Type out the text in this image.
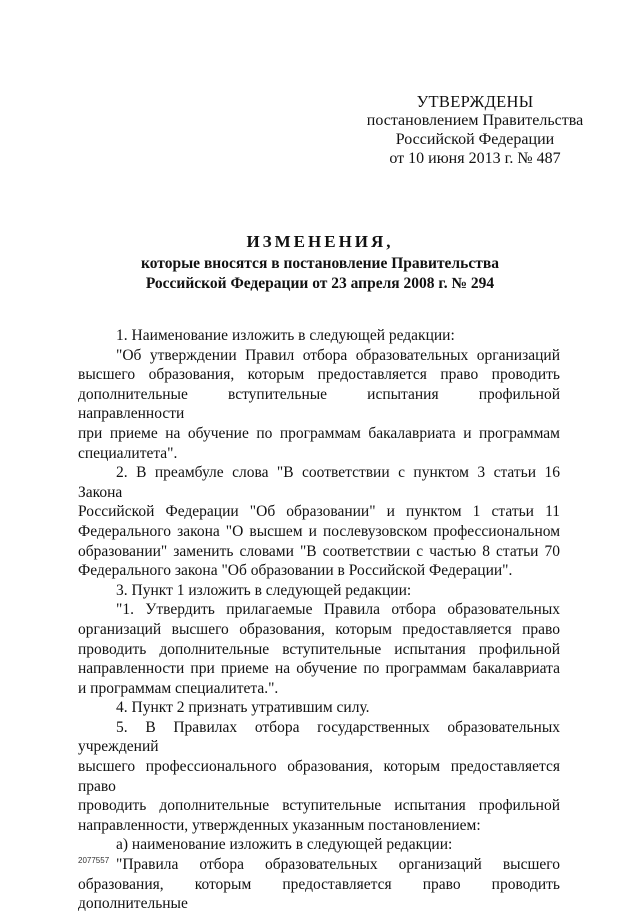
УТВЕРЖДЕНЫ
постановлением Правительства
Российской Федерации
от 10 июня 2013 г. № 487
ИЗМЕНЕНИЯ,
которые вносятся в постановление Правительства
Российской Федерации от 23 апреля 2008 г. № 294

1. Наименование изложить в следующей редакции:

"Об утверждении Правил отбора образовательных организаций

высшего образования, которым предоставляется право проводить

дополнительные вступительные испытания профильной направленности

при приеме на обучение по программам бакалавриата и программам

специалитета".

2. В преамбуле слова "В соответствии с пунктом 3 статьи 16 Закона

Российской Федерации "Об образовании" и пунктом 1 статьи 11

Федерального закона "О высшем и послевузовском профессиональном

образовании" заменить словами "В соответствии с частью 8 статьи 70

Федерального закона "Об образовании в Российской Федерации".

3. Пункт 1 изложить в следующей редакции:

"1. Утвердить прилагаемые Правила отбора образовательных

организаций высшего образования, которым предоставляется право

проводить дополнительные вступительные испытания профильной

направленности при приеме на обучение по программам бакалавриата

и программам специалитета.".

4. Пункт 2 признать утратившим силу.

5. В Правилах отбора государственных образовательных учреждений

высшего профессионального образования, которым предоставляется право

проводить дополнительные вступительные испытания профильной

направленности, утвержденных указанным постановлением:

а) наименование изложить в следующей редакции:

"Правила отбора образовательных организаций высшего

образования, которым предоставляется право проводить дополнительные

2077557
